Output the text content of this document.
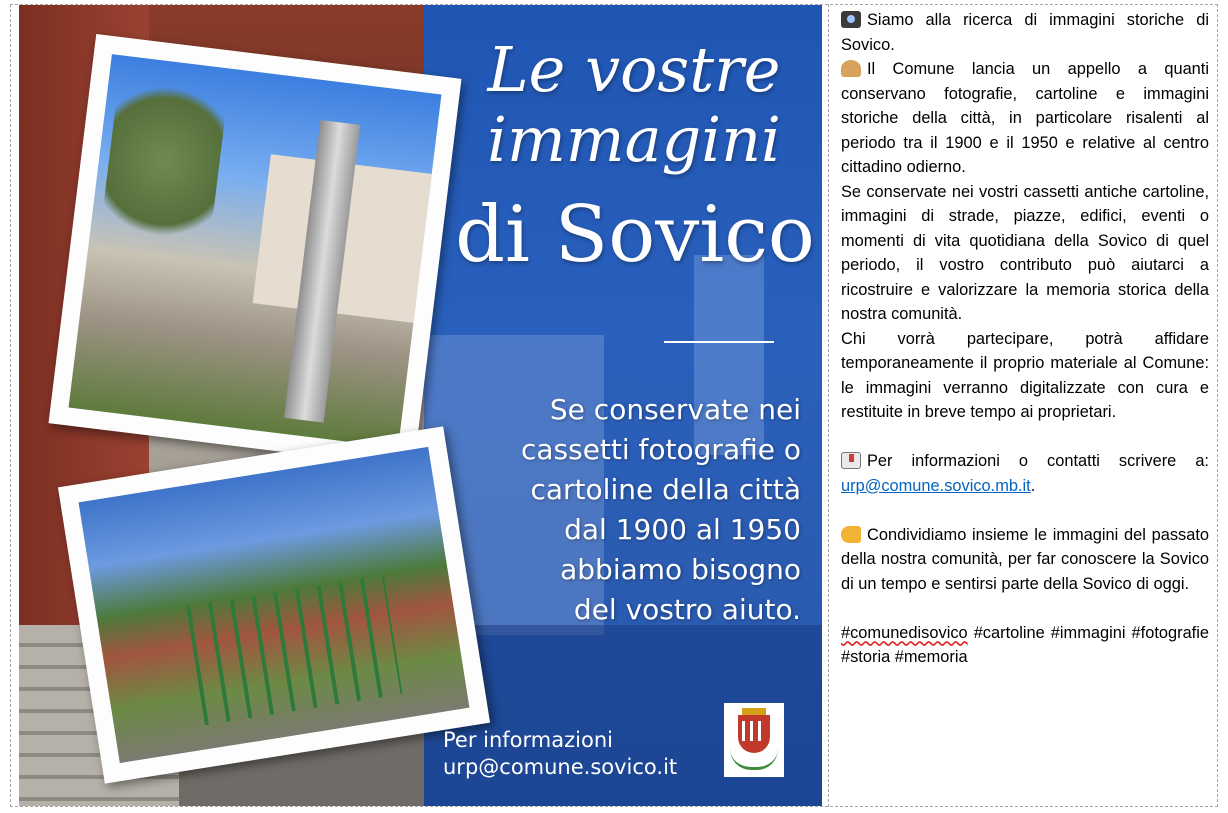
Le vostre
immagini
di Sovico
Se conservate nei
cassetti fotografie o
cartoline della città
dal 1900 al 1950
abbiamo bisogno
del vostro aiuto.
Per informazioni
urp@comune.sovico.it

Siamo alla ricerca di immagini storiche di Sovico.

Il Comune lancia un appello a quanti conservano fotografie, cartoline e immagini storiche della città, in particolare risalenti al periodo tra il 1900 e il 1950 e relative al centro cittadino odierno.

Se conservate nei vostri cassetti antiche cartoline, immagini di strade, piazze, edifici, eventi o momenti di vita quotidiana della Sovico di quel periodo, il vostro contributo può aiutarci a ricostruire e valorizzare la memoria storica della nostra comunità.

Chi vorrà partecipare, potrà affidare temporaneamente il proprio materiale al Comune: le immagini verranno digitalizzate con cura e restituite in breve tempo ai proprietari.

Per informazioni o contatti scrivere a: urp@comune.sovico.mb.it.

Condividiamo insieme le immagini del passato della nostra comunità, per far conoscere la Sovico di un tempo e sentirsi parte della Sovico di oggi.

#comunedisovico #cartoline #immagini #fotografie #storia #memoria
